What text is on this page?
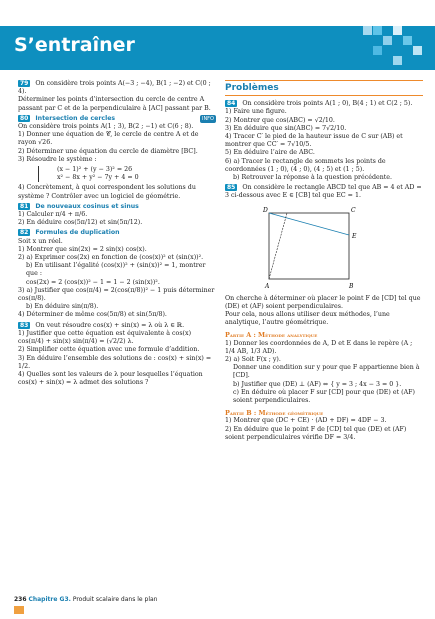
S’entraîner
79 On considère trois points A(−3 ; −4), B(1 ; −2) et C(0 ; 4).
Déterminer les points d’intersection du cercle de centre A passant par C et de la perpendiculaire à [AC] passant par B.
80 Intersection de cercles	INFO
On considère trois points A(1 ; 3), B(2 ; −1) et C(6 ; 8).
1) Donner une équation de 𝒞, le cercle de centre A et de rayon √26.
2) Déterminer une équation du cercle de diamètre [BC].
3) Résoudre le système :
(x − 1)² + (y − 3)² = 26
x² − 8x + y² − 7y + 4 = 0
4) Concrètement, à quoi correspondent les solutions du système ? Contrôler avec un logiciel de géométrie.
81 De nouveaux cosinus et sinus
1) Calculer π/4 + π/6.
2) En déduire cos(5π/12) et sin(5π/12).
82 Formules de duplication
Soit x un réel.
1) Montrer que sin(2x) = 2 sin(x) cos(x).
2) a) Exprimer cos(2x) en fonction de (cos(x))² et (sin(x))².
b) En utilisant l’égalité (cos(x))² + (sin(x))² = 1, montrer que :
cos(2x) = 2 (cos(x))² − 1 = 1 − 2 (sin(x))².
3) a) Justifier que cos(π/4) = 2(cos(π/8))² − 1 puis déterminer cos(π/8).
b) En déduire sin(π/8).
4) Déterminer de même cos(5π/8) et sin(5π/8).
83 On veut résoudre cos(x) + sin(x) = λ où λ ∈ ℝ.
1) Justifier que cette équation est équivalente à cos(x) cos(π/4) + sin(x) sin(π/4) = (√2/2) λ.
2) Simplifier cette équation avec une formule d’addition.
3) En déduire l’ensemble des solutions de : cos(x) + sin(x) = 1/2.
4) Quelles sont les valeurs de λ pour lesquelles l’équation cos(x) + sin(x) = λ admet des solutions ?
Problèmes
84 On considère trois points A(1 ; 0), B(4 ; 1) et C(2 ; 5).
1) Faire une figure.
2) Montrer que cos(ABC) = √2/10.
3) En déduire que sin(ABC) = 7√2/10.
4) Tracer C′ le pied de la hauteur issue de C sur (AB) et montrer que CC′ = 7√10/5.
5) En déduire l’aire de ABC.
6) a) Tracer le rectangle de sommets les points de coordonnées (1 ; 0), (4 ; 0), (4 ; 5) et (1 ; 5).
b) Retrouver la réponse à la question précédente.
85 On considère le rectangle ABCD tel que AB = 4 et AD = 3 ci-dessous avec E ∈ [CB] tel que EC = 1.
D	C
E
A	B
On cherche à déterminer où placer le point F de [CD] tel que (DE) et (AF) soient perpendiculaires.
Pour cela, nous allons utiliser deux méthodes, l’une analytique, l’autre géométrique.
Partie A : Méthode analytique
1) Donner les coordonnées de A, D et E dans le repère (A ; 1/4 AB, 1/3 AD).
2) a) Soit F(x ; y).
Donner une condition sur y pour que F appartienne bien à [CD].
b) Justifier que (DE) ⊥ (AF) ⇔ { y = 3 ; 4x − 3 = 0 }.
c) En déduire où placer F sur [CD] pour que (DE) et (AF) soient perpendiculaires.
Partie B : Méthode géométrique
1) Montrer que (DC + CE) · (AD + DF) = 4DF − 3.
2) En déduire que le point F de [CD] tel que (DE) et (AF) soient perpendiculaires vérifie DF = 3/4.
236 Chapitre G3. Produit scalaire dans le plan
